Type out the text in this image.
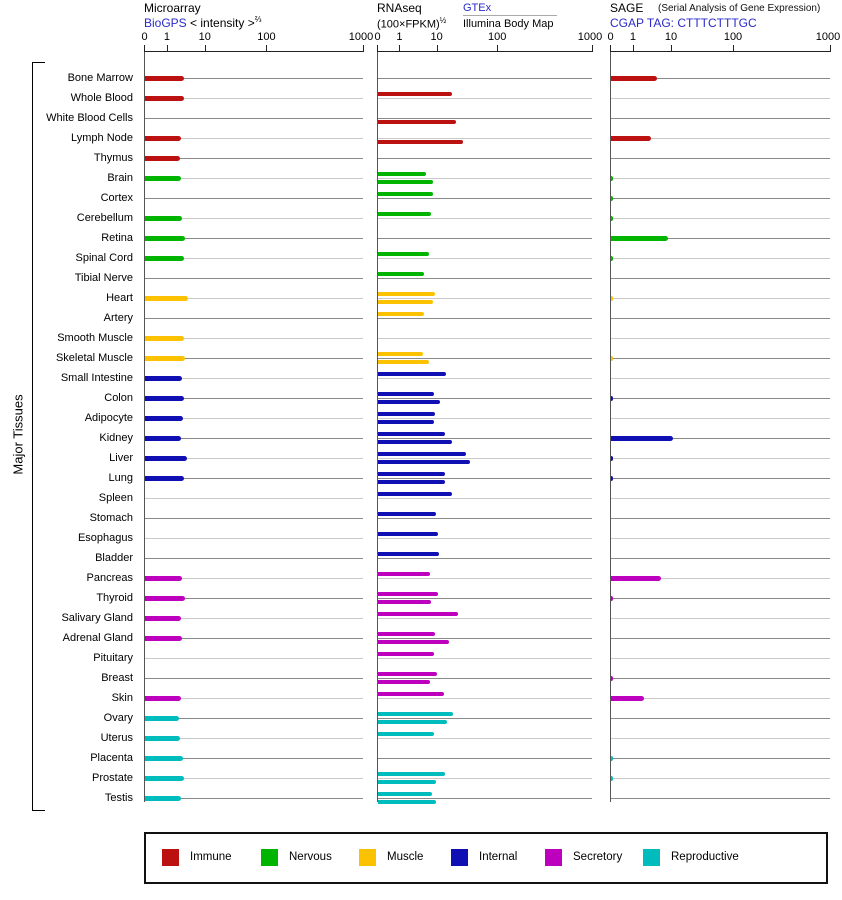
Major Tissues
Bone Marrow
Whole Blood
White Blood Cells
Lymph Node
Thymus
Brain
Cortex
Cerebellum
Retina
Spinal Cord
Tibial Nerve
Heart
Artery
Smooth Muscle
Skeletal Muscle
Small Intestine
Colon
Adipocyte
Kidney
Liver
Lung
Spleen
Stomach
Esophagus
Bladder
Pancreas
Thyroid
Salivary Gland
Adrenal Gland
Pituitary
Breast
Skin
Ovary
Uterus
Placenta
Prostate
Testis
Microarray
BioGPS < intensity >$^{\frac{2}{3}}$
RNAseq
(100×FPKM)$^{\frac{1}{2}}$
GTEx
Illumina Body Map
SAGE (Serial Analysis of Gene Expression)
CGAP TAG: CTTTCTTTGC
0 1	10	100	1000 0 1	10	100	1000 0 1	10	100	1000
Immune	Nervous	Muscle	Internal	Secretory	Reproductive
